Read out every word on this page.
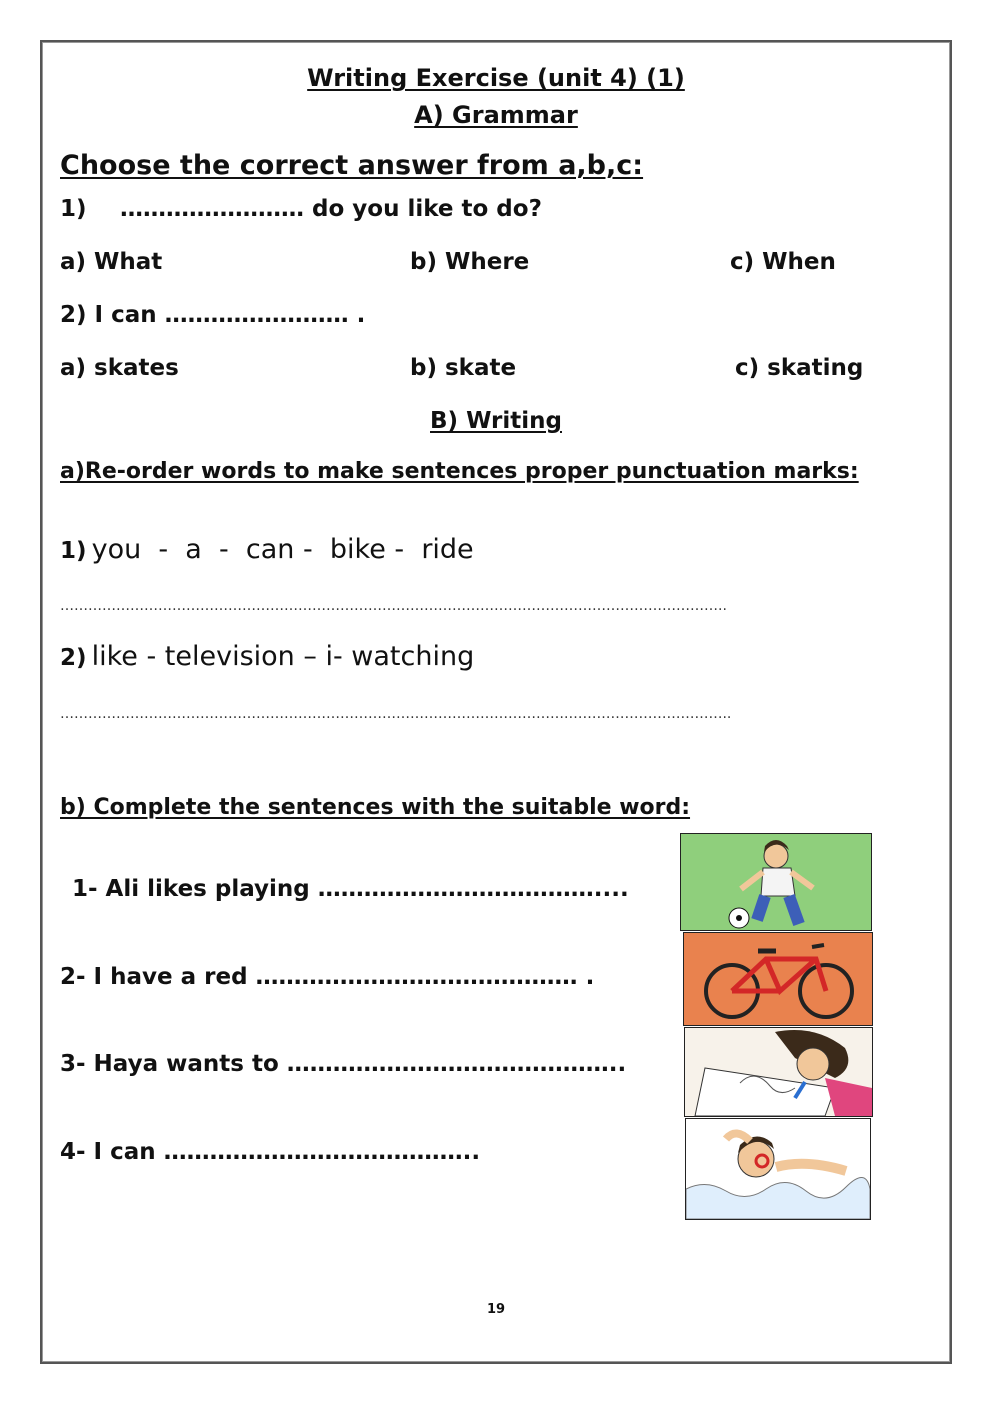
Writing Exercise (unit 4) (1)
A) Grammar
Choose the correct answer from a,b,c:
1) …………………… do you like to do?
a) What	b) Where	c) When
2) I can …………………… .
a) skates	b) skate	c) skating
B) Writing
a)Re-order words to make sentences proper punctuation marks:
1) you  -  a  -  can -  bike -  ride
……………………………………………………………………………………………………………………………..
2) like - television – i- watching
……………………………………………………………………………………………….……………………………..
b) Complete the sentences with the suitable word:
1- Ali likes playing ………………………………....
2- I have a red …………………………………… .
3- Haya wants to ……………………………………..
4- I can …………………………………..
19
